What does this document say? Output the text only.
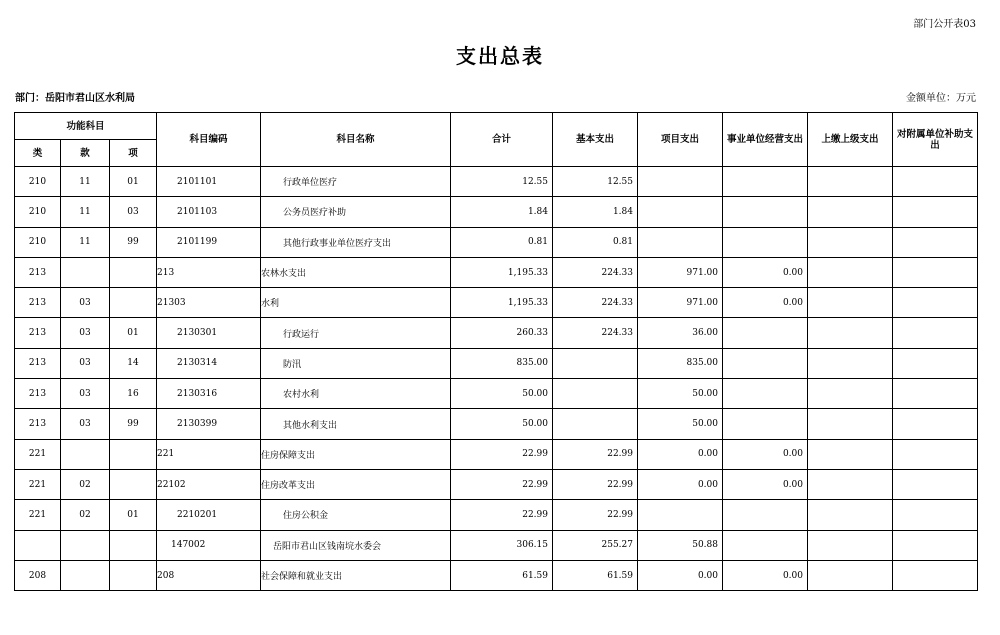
部门公开表03
支出总表
部门：岳阳市君山区水利局	金额单位：万元
功能科目			科目编码	科目名称	合计	基本支出	项目支出	事业单位经营支出	上缴上级支出	对附属单位补助支出
类	款	项								
210	11	01	2101101	行政单位医疗	12.55	12.55				
210	11	03	2101103	公务员医疗补助	1.84	1.84				
210	11	99	2101199	其他行政事业单位医疗支出	0.81	0.81				
213			213	农林水支出	1,195.33	224.33	971.00	0.00		
213	03		21303	水利	1,195.33	224.33	971.00	0.00		
213	03	01	2130301	行政运行	260.33	224.33	36.00			
213	03	14	2130314	防汛	835.00		835.00			
213	03	16	2130316	农村水利	50.00		50.00			
213	03	99	2130399	其他水利支出	50.00		50.00			
221			221	住房保障支出	22.99	22.99	0.00	0.00		
221	02		22102	住房改革支出	22.99	22.99	0.00	0.00		
221	02	01	2210201	住房公积金	22.99	22.99				
			147002	岳阳市君山区钱南垸水委会	306.15	255.27	50.88			
208			208	社会保障和就业支出	61.59	61.59	0.00	0.00		
